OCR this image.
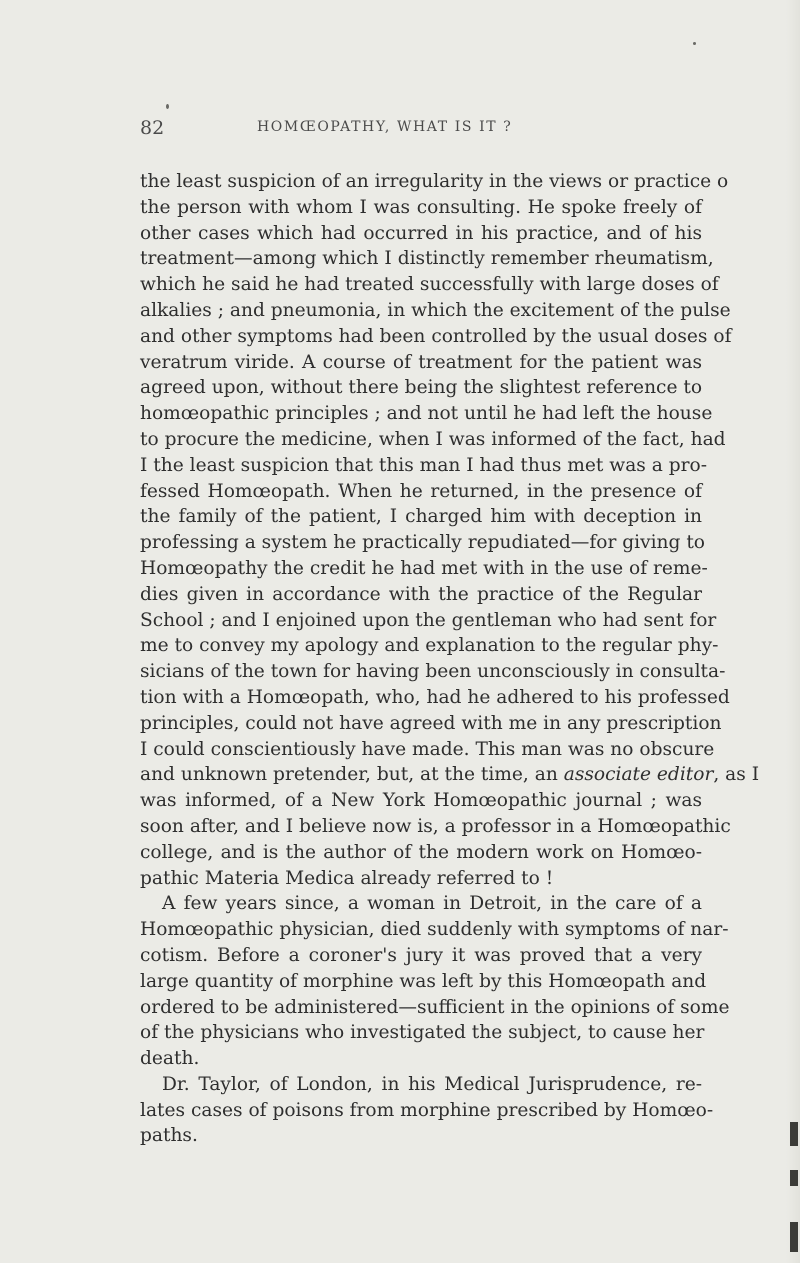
82	HOMŒOPATHY, WHAT IS IT ?
the least suspicion of an irregularity in the views or practice o
the person with whom I was consulting. He spoke freely of
other cases which had occurred in his practice, and of his
treatment—among which I distinctly remember rheumatism,
which he said he had treated successfully with large doses of
alkalies ; and pneumonia, in which the excitement of the pulse
and other symptoms had been controlled by the usual doses of
veratrum viride. A course of treatment for the patient was
agreed upon, without there being the slightest reference to
homœopathic principles ; and not until he had left the house
to procure the medicine, when I was informed of the fact, had
I the least suspicion that this man I had thus met was a pro-
fessed Homœopath. When he returned, in the presence of
the family of the patient, I charged him with deception in
professing a system he practically repudiated—for giving to
Homœopathy the credit he had met with in the use of reme-
dies given in accordance with the practice of the Regular
School ; and I enjoined upon the gentleman who had sent for
me to convey my apology and explanation to the regular phy-
sicians of the town for having been unconsciously in consulta-
tion with a Homœopath, who, had he adhered to his professed
principles, could not have agreed with me in any prescription
I could conscientiously have made. This man was no obscure
and unknown pretender, but, at the time, an associate editor, as I
was informed, of a New York Homœopathic journal ; was
soon after, and I believe now is, a professor in a Homœopathic
college, and is the author of the modern work on Homœo-
pathic Materia Medica already referred to !
A few years since, a woman in Detroit, in the care of a
Homœopathic physician, died suddenly with symptoms of nar-
cotism. Before a coroner's jury it was proved that a very
large quantity of morphine was left by this Homœopath and
ordered to be administered—sufficient in the opinions of some
of the physicians who investigated the subject, to cause her
death.
Dr. Taylor, of London, in his Medical Jurisprudence, re-
lates cases of poisons from morphine prescribed by Homœo-
paths.
